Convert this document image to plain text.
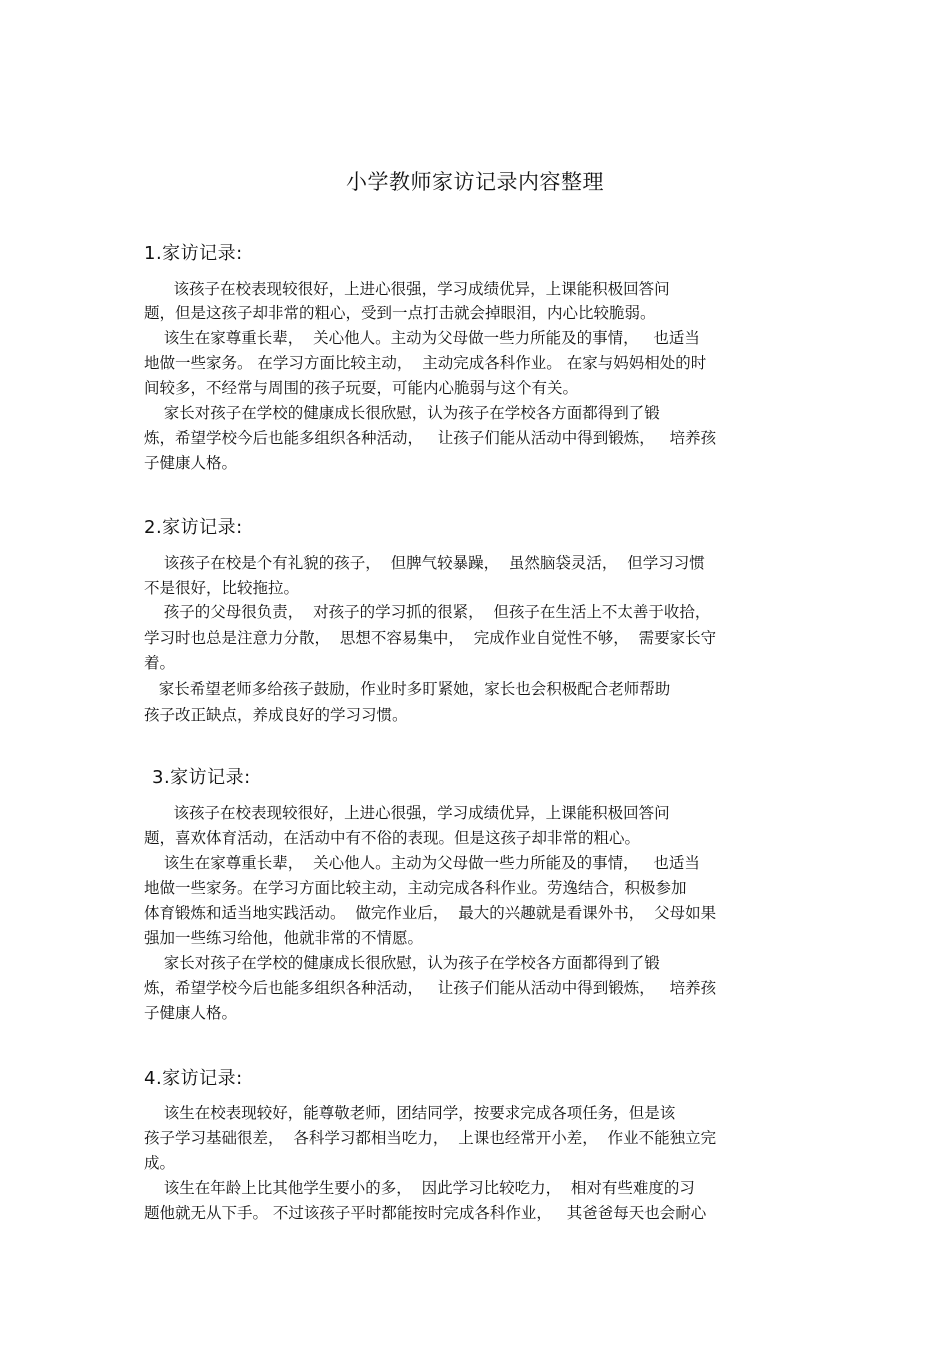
小学教师家访记录内容整理
1.家访记录:
该孩子在校表现较很好，上进心很强，学习成绩优异，上课能积极回答问
题，但是这孩子却非常的粗心，受到一点打击就会掉眼泪，内心比较脆弱。
该生在家尊重长辈，  关心他人。主动为父母做一些力所能及的事情，   也适当
地做一些家务。 在学习方面比较主动，  主动完成各科作业。 在家与妈妈相处的时
间较多，不经常与周围的孩子玩耍，可能内心脆弱与这个有关。
家长对孩子在学校的健康成长很欣慰，认为孩子在学校各方面都得到了锻
炼，希望学校今后也能多组织各种活动，   让孩子们能从活动中得到锻炼，   培养孩
子健康人格。
2.家访记录:
该孩子在校是个有礼貌的孩子，  但脾气较暴躁，  虽然脑袋灵活，  但学习习惯
不是很好，比较拖拉。
孩子的父母很负责，  对孩子的学习抓的很紧，  但孩子在生活上不太善于收拾，
学习时也总是注意力分散，  思想不容易集中，  完成作业自觉性不够，  需要家长守
着。
家长希望老师多给孩子鼓励，作业时多盯紧她，家长也会积极配合老师帮助
孩子改正缺点，养成良好的学习习惯。
3.家访记录:
该孩子在校表现较很好，上进心很强，学习成绩优异，上课能积极回答问
题，喜欢体育活动，在活动中有不俗的表现。但是这孩子却非常的粗心。
该生在家尊重长辈，  关心他人。主动为父母做一些力所能及的事情，   也适当
地做一些家务。在学习方面比较主动，主动完成各科作业。劳逸结合，积极参加
体育锻炼和适当地实践活动。  做完作业后，  最大的兴趣就是看课外书，  父母如果
强加一些练习给他，他就非常的不情愿。
家长对孩子在学校的健康成长很欣慰，认为孩子在学校各方面都得到了锻
炼，希望学校今后也能多组织各种活动，   让孩子们能从活动中得到锻炼，   培养孩
子健康人格。
4.家访记录:
该生在校表现较好，能尊敬老师，团结同学，按要求完成各项任务，但是该
孩子学习基础很差，  各科学习都相当吃力，  上课也经常开小差，  作业不能独立完
成。
该生在年龄上比其他学生要小的多，  因此学习比较吃力，  相对有些难度的习
题他就无从下手。 不过该孩子平时都能按时完成各科作业，   其爸爸每天也会耐心
